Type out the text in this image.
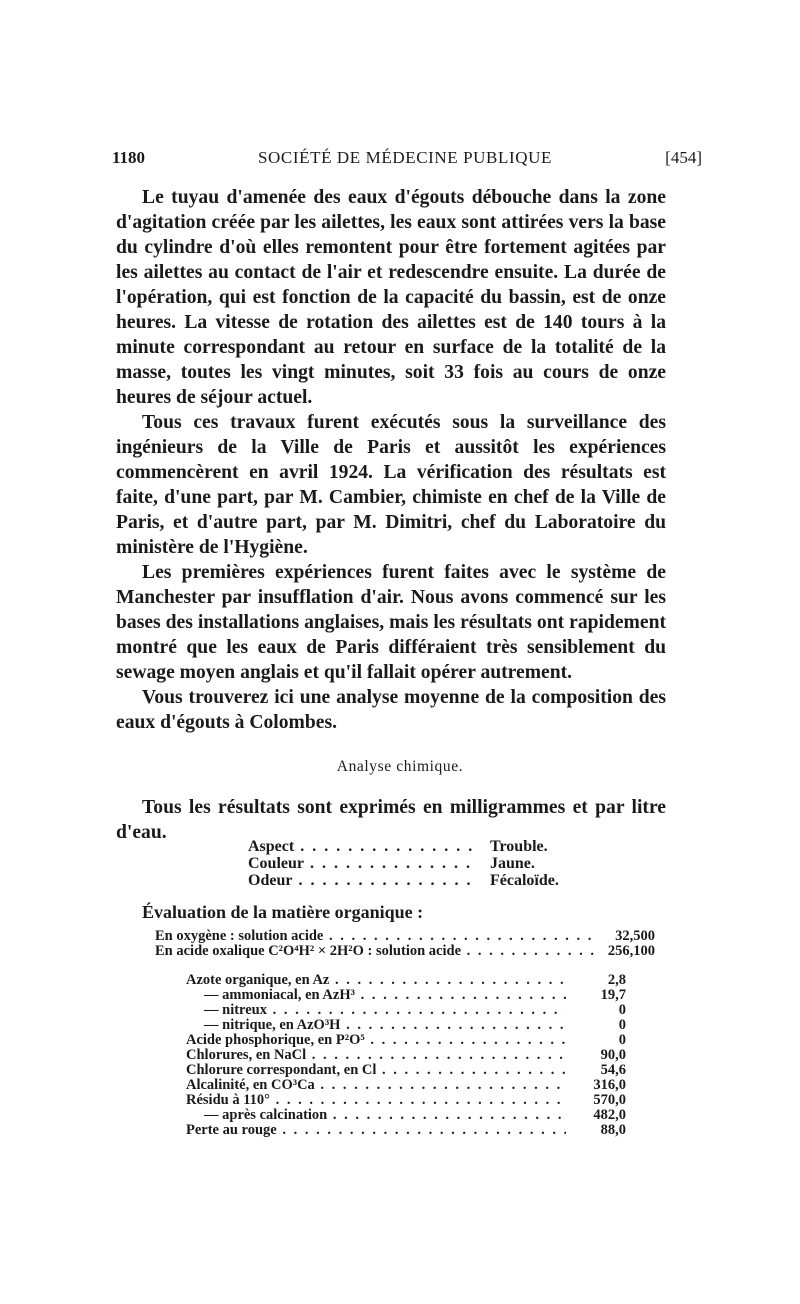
1180	SOCIÉTÉ DE MÉDECINE PUBLIQUE	[454]

Le tuyau d'amenée des eaux d'égouts débouche dans la zone d'agitation créée par les ailettes, les eaux sont attirées vers la base du cylindre d'où elles remontent pour être fortement agitées par les ailettes au contact de l'air et redescendre ensuite. La durée de l'opération, qui est fonction de la capacité du bassin, est de onze heures. La vitesse de rotation des ailettes est de 140 tours à la minute correspondant au retour en surface de la totalité de la masse, toutes les vingt minutes, soit 33 fois au cours de onze heures de séjour actuel.

Tous ces travaux furent exécutés sous la surveillance des ingénieurs de la Ville de Paris et aussitôt les expériences commencèrent en avril 1924. La vérification des résultats est faite, d'une part, par M. Cambier, chimiste en chef de la Ville de Paris, et d'autre part, par M. Dimitri, chef du Laboratoire du ministère de l'Hygiène.

Les premières expériences furent faites avec le système de Manchester par insufflation d'air. Nous avons commencé sur les bases des installations anglaises, mais les résultats ont rapidement montré que les eaux de Paris différaient très sensiblement du sewage moyen anglais et qu'il fallait opérer autrement.

Vous trouverez ici une analyse moyenne de la composition des eaux d'égouts à Colombes.

Analyse chimique.

Tous les résultats sont exprimés en milligrammes et par litre d'eau.

Aspect . . .	Trouble.
Couleur . . .	Jaune.
Odeur . . .	Fécaloïde.
Évaluation de la matière organique :
En oxygène : solution acide . . .	32,500
En acide oxalique C²O⁴H² × 2H²O : solution acide . . .	256,100
Azote organique, en Az . . .	2,8
— ammoniacal, en AzH³ . . .	19,7
— nitreux . . .	0
— nitrique, en AzO³H . . .	0
Acide phosphorique, en P²O⁵ . . .	0
Chlorures, en NaCl . . .	90,0
Chlorure correspondant, en Cl . . .	54,6
Alcalinité, en CO³Ca . . .	316,0
Résidu à 110° . . .	570,0
— après calcination . . .	482,0
Perte au rouge . . .	88,0
